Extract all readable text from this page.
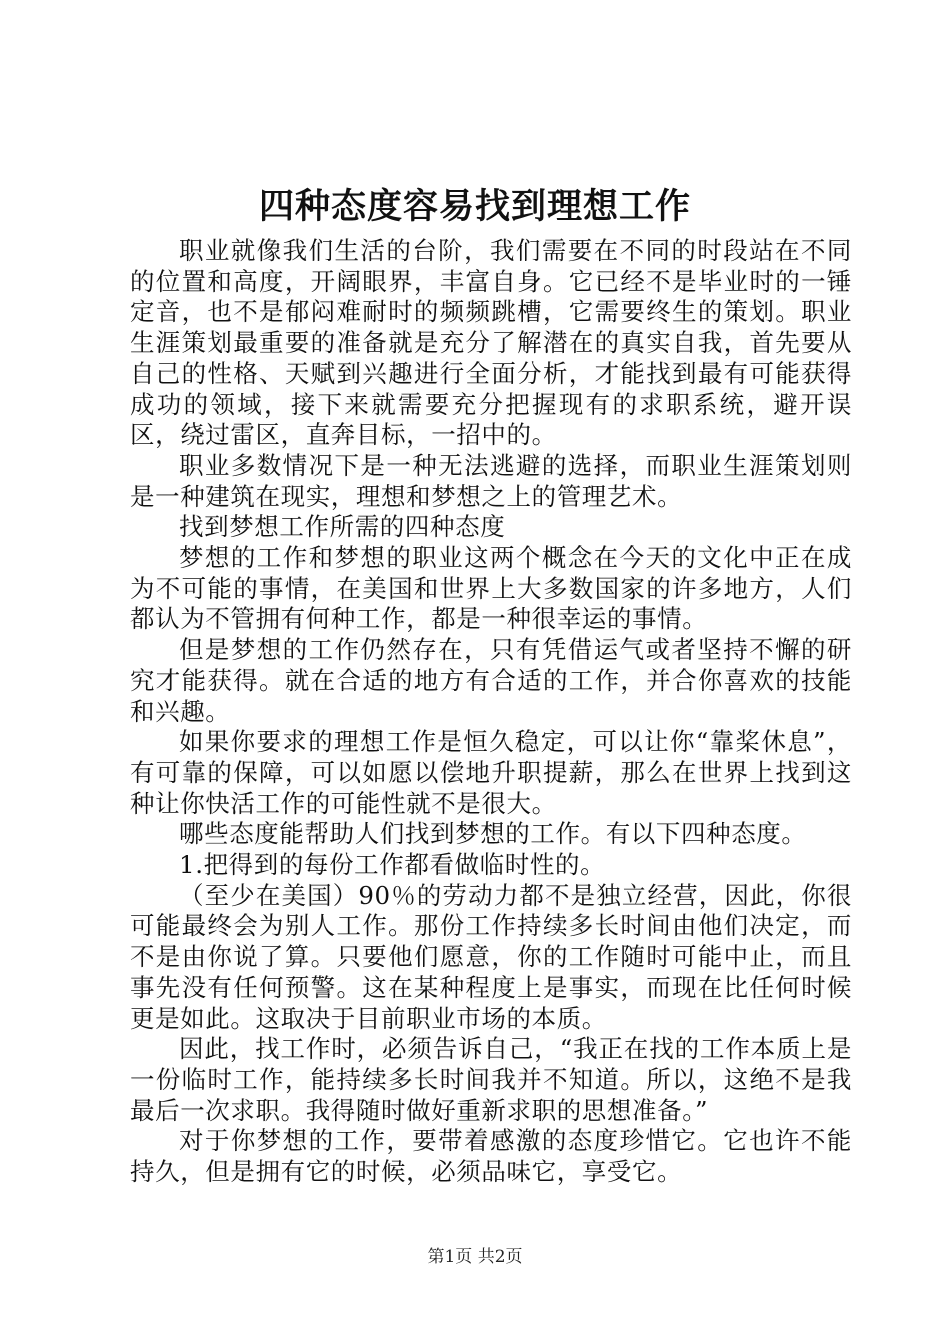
四种态度容易找到理想工作

职业就像我们生活的台阶，我们需要在不同的时段站在不同的位置和高度，开阔眼界，丰富自身。它已经不是毕业时的一锤定音，也不是郁闷难耐时的频频跳槽，它需要终生的策划。职业生涯策划最重要的准备就是充分了解潜在的真实自我，首先要从自己的性格、天赋到兴趣进行全面分析，才能找到最有可能获得成功的领域，接下来就需要充分把握现有的求职系统，避开误区，绕过雷区，直奔目标，一招中的。

职业多数情况下是一种无法逃避的选择，而职业生涯策划则是一种建筑在现实，理想和梦想之上的管理艺术。

找到梦想工作所需的四种态度

梦想的工作和梦想的职业这两个概念在今天的文化中正在成为不可能的事情，在美国和世界上大多数国家的许多地方，人们都认为不管拥有何种工作，都是一种很幸运的事情。

但是梦想的工作仍然存在，只有凭借运气或者坚持不懈的研究才能获得。就在合适的地方有合适的工作，并合你喜欢的技能和兴趣。

如果你要求的理想工作是恒久稳定，可以让你“靠桨休息”，有可靠的保障，可以如愿以偿地升职提薪，那么在世界上找到这种让你快活工作的可能性就不是很大。

哪些态度能帮助人们找到梦想的工作。有以下四种态度。

1.把得到的每份工作都看做临时性的。

（至少在美国）90％的劳动力都不是独立经营，因此，你很可能最终会为别人工作。那份工作持续多长时间由他们决定，而不是由你说了算。只要他们愿意，你的工作随时可能中止，而且事先没有任何预警。这在某种程度上是事实，而现在比任何时候更是如此。这取决于目前职业市场的本质。

因此，找工作时，必须告诉自己，“我正在找的工作本质上是一份临时工作，能持续多长时间我并不知道。所以，这绝不是我最后一次求职。我得随时做好重新求职的思想准备。”

对于你梦想的工作，要带着感激的态度珍惜它。它也许不能持久，但是拥有它的时候，必须品味它，享受它。

第1页 共2页
